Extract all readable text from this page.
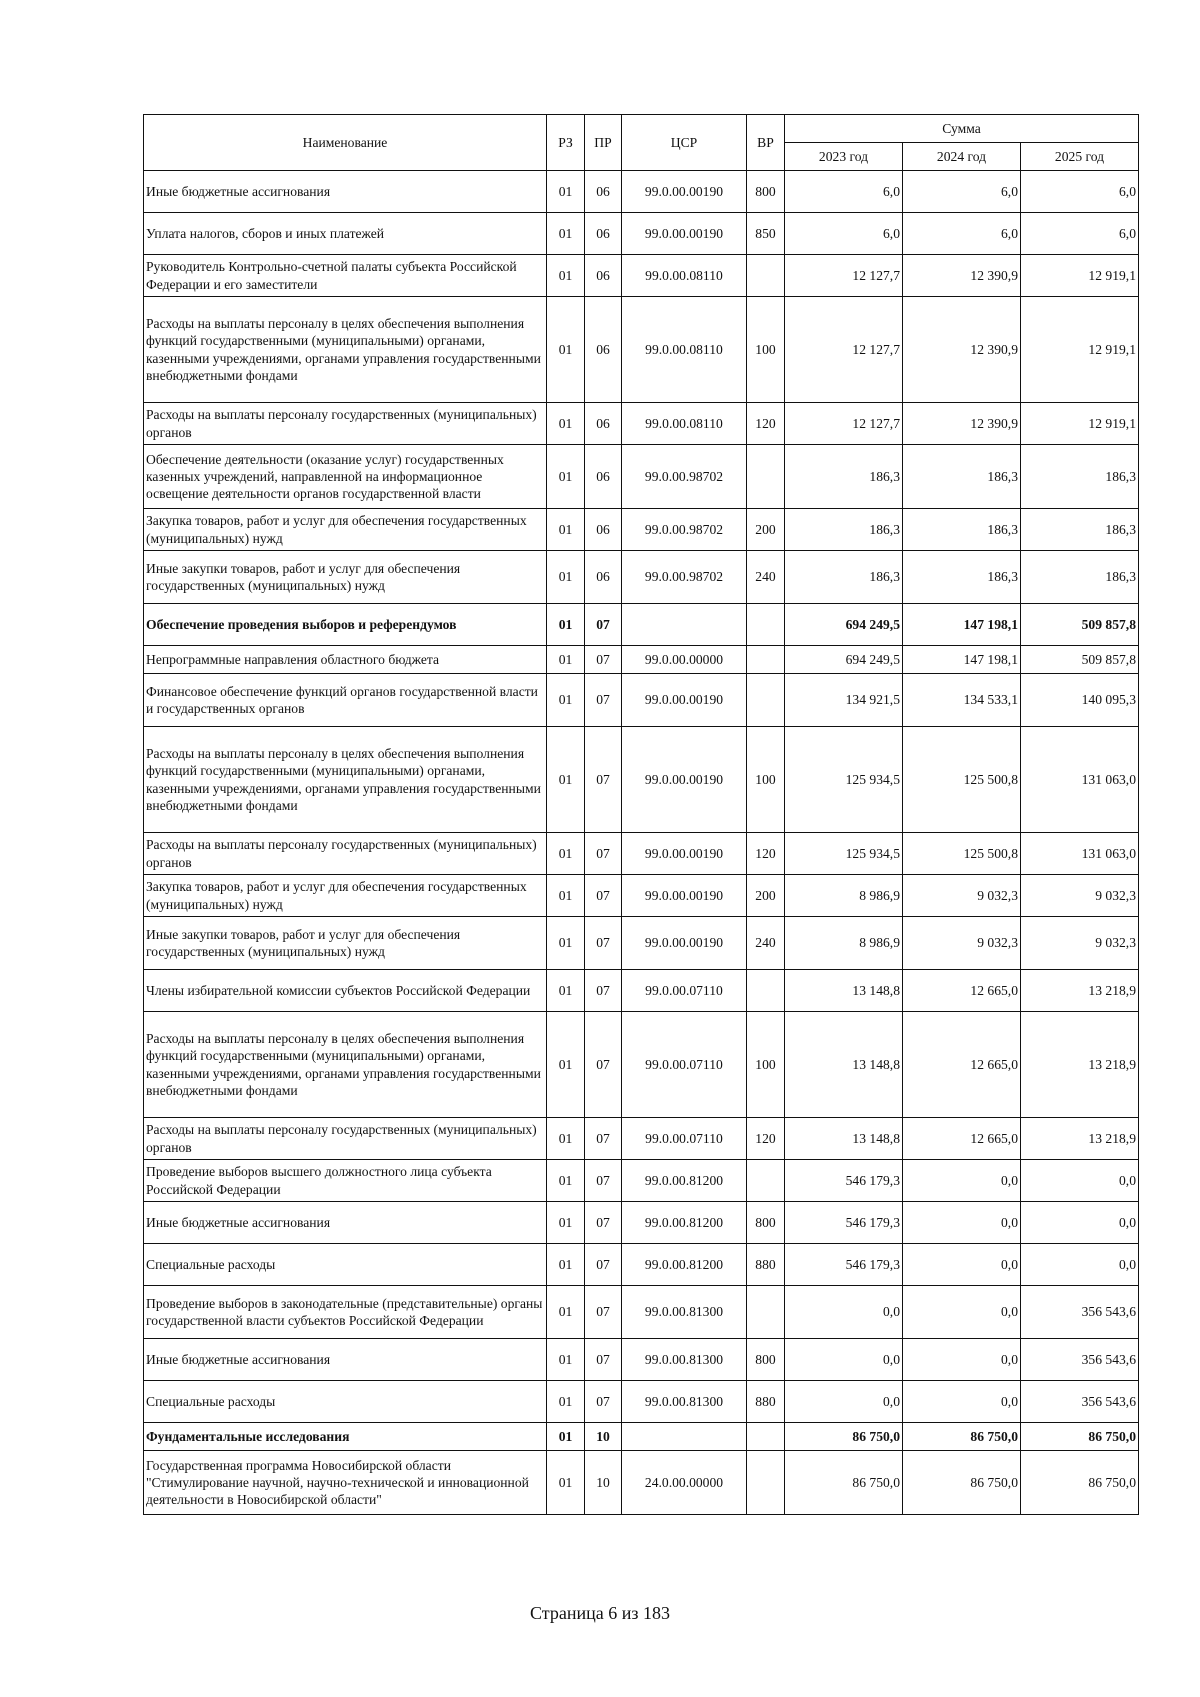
Наименование	РЗ	ПР	ЦСР	ВР	Сумма		
					2023 год	2024 год	2025 год
Иные бюджетные ассигнования	01	06	99.0.00.00190	800	6,0	6,0	6,0
Уплата налогов, сборов и иных платежей	01	06	99.0.00.00190	850	6,0	6,0	6,0
Руководитель Контрольно-счетной палаты субъекта Российской Федерации и его заместители	01	06	99.0.00.08110		12 127,7	12 390,9	12 919,1
Расходы на выплаты персоналу в целях обеспечения выполнения функций государственными (муниципальными) органами, казенными учреждениями, органами управления государственными внебюджетными фондами	01	06	99.0.00.08110	100	12 127,7	12 390,9	12 919,1
Расходы на выплаты персоналу государственных (муниципальных) органов	01	06	99.0.00.08110	120	12 127,7	12 390,9	12 919,1
Обеспечение деятельности (оказание услуг) государственных казенных учреждений, направленной на информационное освещение деятельности органов государственной власти	01	06	99.0.00.98702		186,3	186,3	186,3
Закупка товаров, работ и услуг для обеспечения государственных (муниципальных) нужд	01	06	99.0.00.98702	200	186,3	186,3	186,3
Иные закупки товаров, работ и услуг для обеспечения государственных (муниципальных) нужд	01	06	99.0.00.98702	240	186,3	186,3	186,3
Обеспечение проведения выборов и референдумов	01	07			694 249,5	147 198,1	509 857,8
Непрограммные направления областного бюджета	01	07	99.0.00.00000		694 249,5	147 198,1	509 857,8
Финансовое обеспечение функций органов государственной власти и государственных органов	01	07	99.0.00.00190		134 921,5	134 533,1	140 095,3
Расходы на выплаты персоналу в целях обеспечения выполнения функций государственными (муниципальными) органами, казенными учреждениями, органами управления государственными внебюджетными фондами	01	07	99.0.00.00190	100	125 934,5	125 500,8	131 063,0
Расходы на выплаты персоналу государственных (муниципальных) органов	01	07	99.0.00.00190	120	125 934,5	125 500,8	131 063,0
Закупка товаров, работ и услуг для обеспечения государственных (муниципальных) нужд	01	07	99.0.00.00190	200	8 986,9	9 032,3	9 032,3
Иные закупки товаров, работ и услуг для обеспечения государственных (муниципальных) нужд	01	07	99.0.00.00190	240	8 986,9	9 032,3	9 032,3
Члены избирательной комиссии субъектов Российской Федерации	01	07	99.0.00.07110		13 148,8	12 665,0	13 218,9
Расходы на выплаты персоналу в целях обеспечения выполнения функций государственными (муниципальными) органами, казенными учреждениями, органами управления государственными внебюджетными фондами	01	07	99.0.00.07110	100	13 148,8	12 665,0	13 218,9
Расходы на выплаты персоналу государственных (муниципальных) органов	01	07	99.0.00.07110	120	13 148,8	12 665,0	13 218,9
Проведение выборов высшего должностного лица субъекта Российской Федерации	01	07	99.0.00.81200		546 179,3	0,0	0,0
Иные бюджетные ассигнования	01	07	99.0.00.81200	800	546 179,3	0,0	0,0
Специальные расходы	01	07	99.0.00.81200	880	546 179,3	0,0	0,0
Проведение выборов в законодательные (представительные) органы государственной власти субъектов Российской Федерации	01	07	99.0.00.81300		0,0	0,0	356 543,6
Иные бюджетные ассигнования	01	07	99.0.00.81300	800	0,0	0,0	356 543,6
Специальные расходы	01	07	99.0.00.81300	880	0,0	0,0	356 543,6
Фундаментальные исследования	01	10			86 750,0	86 750,0	86 750,0
Государственная программа Новосибирской области "Стимулирование научной, научно-технической и инновационной деятельности в Новосибирской области"	01	10	24.0.00.00000		86 750,0	86 750,0	86 750,0
Страница 6 из 183
